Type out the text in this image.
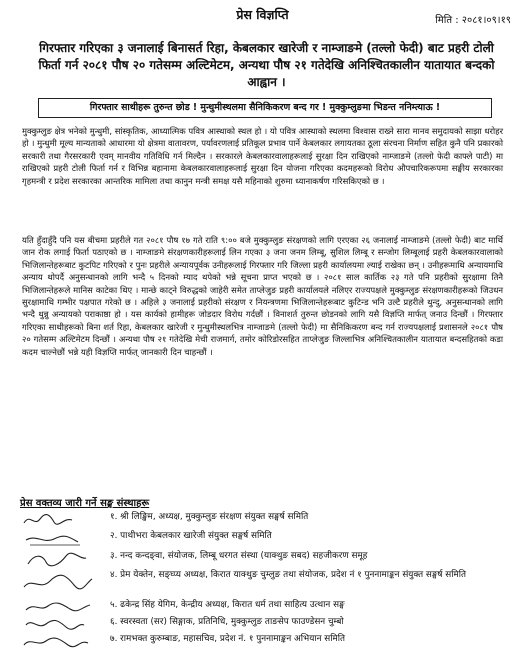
प्रेस विज्ञप्ति	मिति : २०८१।०९।१९
गिरफ्तार गरिएका ३ जनालाई बिनासर्त रिहा, केबलकार खारेजी र नाम्जाङमे (तल्लो फेदी) बाट प्रहरी टोली फिर्ता गर्न २०८१ पौष २० गतेसम्म अल्टिमेटम, अन्यथा पौष २१ गतेदेखि अनिश्चितकालीन यातायात बन्दको आह्वान ।
गिरफ्तार साथीहरू तुरुन्त छोड ! मुन्धुमीस्थलमा सैनिकिकरण बन्द गर ! मुक्कुम्लुङमा भिडन्त ननिम्त्याऊ !
मुक्कुम्लुङ क्षेत्र भनेको मुन्धुमी, सांस्कृतिक, आध्यात्मिक पवित्र आस्थाको स्थल हो । यो पवित्र आस्थाको स्थलमा विश्वास राख्ने सारा मानव समुदायको साझा धरोहर हो । मुन्धुमी मूल्य मान्यताको आधारमा यो क्षेत्रमा वातावरण, पर्यावरणलाई प्रतिकूल प्रभाव पार्ने केबलकार लगायतका ठूला संरचना निर्माण सहित कुनै पनि प्रकारको सरकारी तथा गैरसरकारी एवम् मानवीय गतिविधि गर्न मिल्दैन । सरकारले केबलकारवालाहरूलाई सुरक्षा दिन राखिएको नाम्जाङमे (तल्लो फेदी काफ्ले पाटी) मा राखिएको प्रहरी टोली फिर्ता गर्न र विभिन्न बहानामा केबलकारवालाहरूलाई सुरक्षा दिन योजना गरिएका कदमहरूको विरोध औपचारिकरूपमा सङ्घीय सरकारका गृहमन्त्री र प्रदेश सरकारका आन्तरिक मामिला तथा कानुन मन्त्री समक्ष यसै महिनाको शुरुमा ध्यानाकर्षण गरिसकिएको छ ।
यति हुँदाहुँदै पनि यस बीचमा प्रहरीले गत २०८१ पौष १७ गते राति ९:०० बजे मुक्कुम्लुङ संरक्षणको लागि एरएका २६ जनालाई नाम्जाङमे (तल्लो फेदी) बाट मार्थि जान रोक लगाई फिर्ता पठाएको छ । नाम्जाङमे संरक्षणकारीहरूलाई लिन गएका ३ जना जनम लिम्बू, सुशिल लिम्बू र सन्जोग लिम्बूलाई प्रहरी केबलकारवालाको भिजिलान्तेहरूबाट कुटपिट गरिएको र पुनः प्रहरीले अन्यायपूर्वक उनीहरूलाई गिरफ्तार गरि जिल्ला प्रहरी कार्यालयमा ल्याई राखेका छन् । उनीहरूमाथि अन्यायमाथि अन्याय थोपर्दै अनुसन्धानको लागि भन्दै ५ दिनको म्याद थपेको भन्ने सूचना प्राप्त भएको छ । २०८१ साल कार्तिक २३ गते पनि प्रहरीको सुरक्षामा तिनै भिजिलान्तेहरूले मानिस काटेका थिए । मान्छे काट्ने विरुद्धको जाहेरी समेत ताप्लेजुङ प्रहरी कार्यालयले नलिएर राज्यपक्षले मुक्कुम्लुङ संरक्षणकारीहरूको जिउधन सुरक्षामाथि गम्भीर पक्षपात गरेको छ । अहिले ३ जनालाई प्रहरीको संरक्षण र नियन्त्रणमा भिजिलान्तेहरूबाट कुटिन्ड भनि उल्टै प्रहरीले थुन्दु, अनुसन्धानको लागि भन्दै थुन्नु अन्यायको पराकाष्ठा हो । यस कार्यको हामीहरू जोडदार विरोध गर्दछौं । विनाशर्त तुरुन्त छोडनको लागि यसै विज्ञप्ति मार्फत् जनाउ दिन्छौं । गिरफ्तार गरिएका साथीहरूको बिना शर्त रिहा, केबलकार खारेजी र मुन्धुमीस्थलभित्र नाम्जाङमे (तल्लो फेदी) मा सैनिकिकरण बन्द गर्न राज्यपक्षलाई प्रशासनले २०८१ पौष २० गतेसम्म अल्टिमेटम दिन्छौं । अन्यथा पौष २१ गतेदेखि मेची राजमार्ग, तमोर कोरिडोरसहित ताप्लेजुङ जिल्लाभित्र अनिश्चितकालीन यातायात बन्दसहितको कडा कदम चाल्नेछौं भन्ने यही विज्ञप्ति मार्फत् जानकारी दिन चाहन्छौं ।
प्रेस वक्तव्य जारी गर्ने सङ्घ संस्थाहरू
१. श्री लिङ्खिम, अध्यक्ष, मुक्कुम्लुङ संरक्षण संयुक्त सङ्घर्ष समिति
२. पाथीभरा केबलकार खारेजी संयुक्त सङ्घर्ष समिति
३. नन्द कन्दङ्वा, संयोजक, लिम्बू धरगत संस्था (याक्थुङ सबद) सहजीकरण समूह
४. प्रेम येक्तेन, सङ्घ्प्य अध्यक्ष, किरात याक्थुङ चुम्लुङ तथा संयोजक, प्रदेश नं १ पुननामाङ्कन संयुक्त सङ्घर्ष समिति
५. ढकेन्द्र सिंह येगिम, केन्द्रीय अध्यक्ष, किरात धर्म तथा साहित्य उत्थान सङ्घ
६. स्वरस्वता (सर) सिङ्गाक, प्रतिनिधि, मुक्कुम्लुङ ताङसेप फाउण्डेसन चुम्बो
७. रामभक्त कुरुम्बाङ, महासचिव, प्रदेश नं. १ पुननामाङ्कन अभियान समिति
